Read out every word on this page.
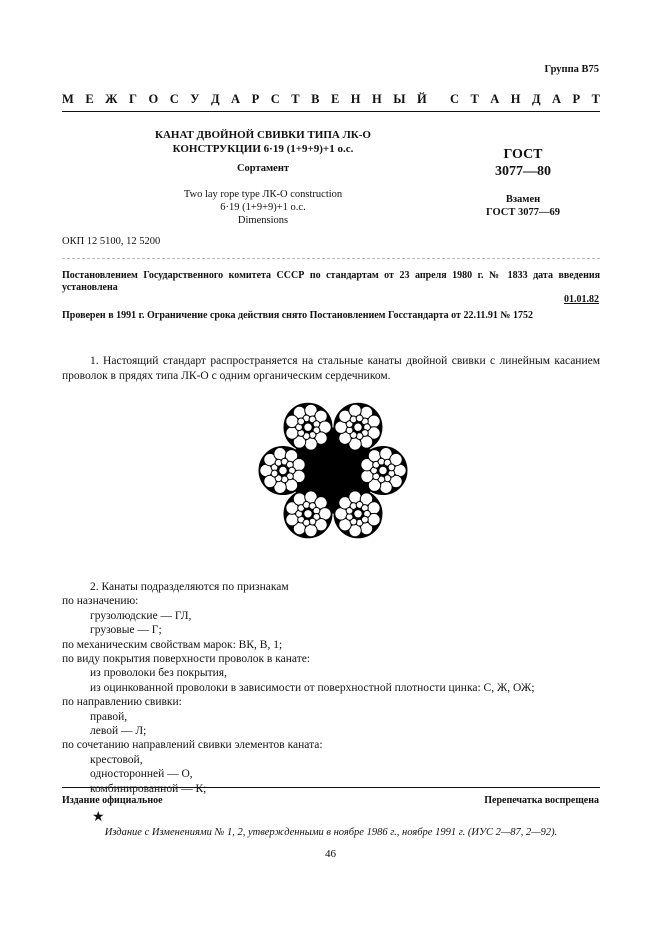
Группа В75
М Е Ж Г О С У Д А Р С Т В Е Н Н Ы Й С Т А Н Д А Р Т
КАНАТ ДВОЙНОЙ СВИВКИ ТИПА ЛК-О
КОНСТРУКЦИИ 6·19 (1+9+9)+1 о.с.
Сортамент
Two lay rope type ЛК-О construction
6·19 (1+9+9)+1 o.c.
Dimensions
ГОСТ
3077—80
Взамен
ГОСТ 3077—69
ОКП 12 5100, 12 5200
Постановлением Государственного комитета СССР по стандартам от 23 апреля 1980 г. № 1833 дата введения установлена
01.01.82
Проверен в 1991 г. Ограничение срока действия снято Постановлением Госстандарта от 22.11.91 № 1752
1. Настоящий стандарт распространяется на стальные канаты двойной свивки с линейным касанием проволок в прядях типа ЛК-О с одним органическим сердечником.
2. Канаты подразделяются по признакам
по назначению:
грузолюдские — ГЛ,
грузовые — Г;
по механическим свойствам марок: ВК, В, 1;
по виду покрытия поверхности проволок в канате:
из проволоки без покрытия,
из оцинкованной проволоки в зависимости от поверхностной плотности цинка: С, Ж, ОЖ;
по направлению свивки:
правой,
левой — Л;
по сочетанию направлений свивки элементов каната:
крестовой,
односторонней — О,
комбинированной — К;
Издание официальное	Перепечатка воспрещена
★
Издание с Изменениями № 1, 2, утвержденными в ноябре 1986 г., ноябре 1991 г. (ИУС 2—87, 2—92).
46
